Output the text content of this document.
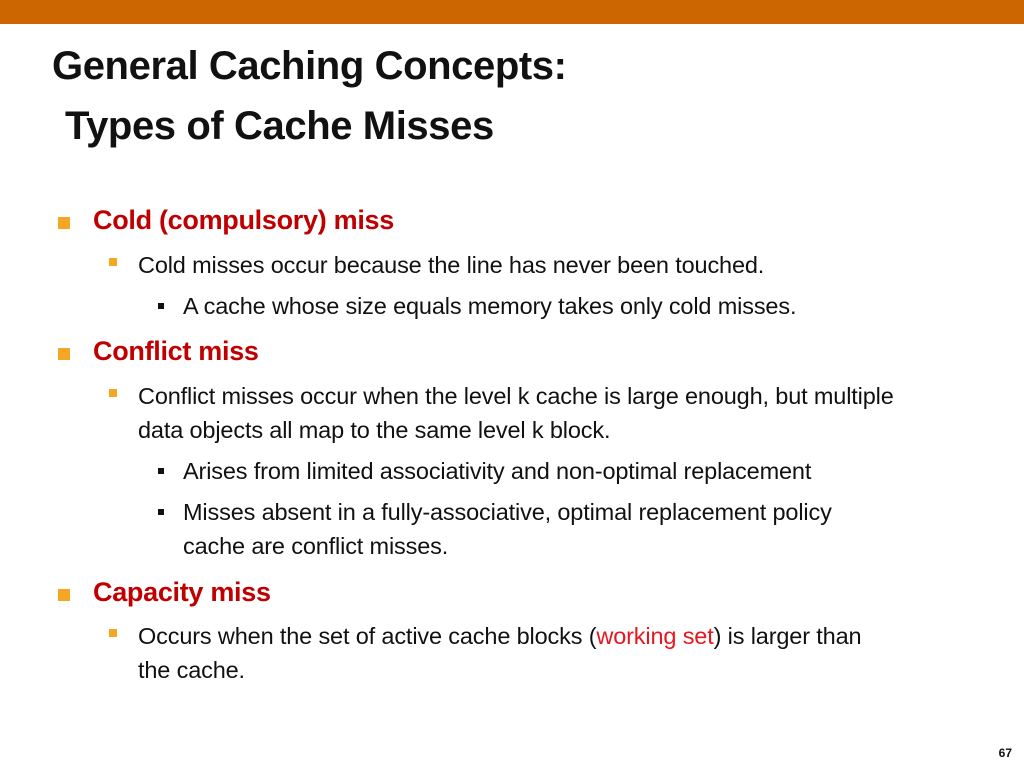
General Caching Concepts:
Types of Cache Misses
Cold (compulsory) miss
Cold misses occur because the line has never been touched.
A cache whose size equals memory takes only cold misses.
Conflict miss
Conflict misses occur when the level k cache is large enough, but multiple
data objects all map to the same level k block.
Arises from limited associativity and non-optimal replacement
Misses absent in a fully-associative, optimal replacement policy
cache are conflict misses.
Capacity miss
Occurs when the set of active cache blocks (working set) is larger than
the cache.
67
